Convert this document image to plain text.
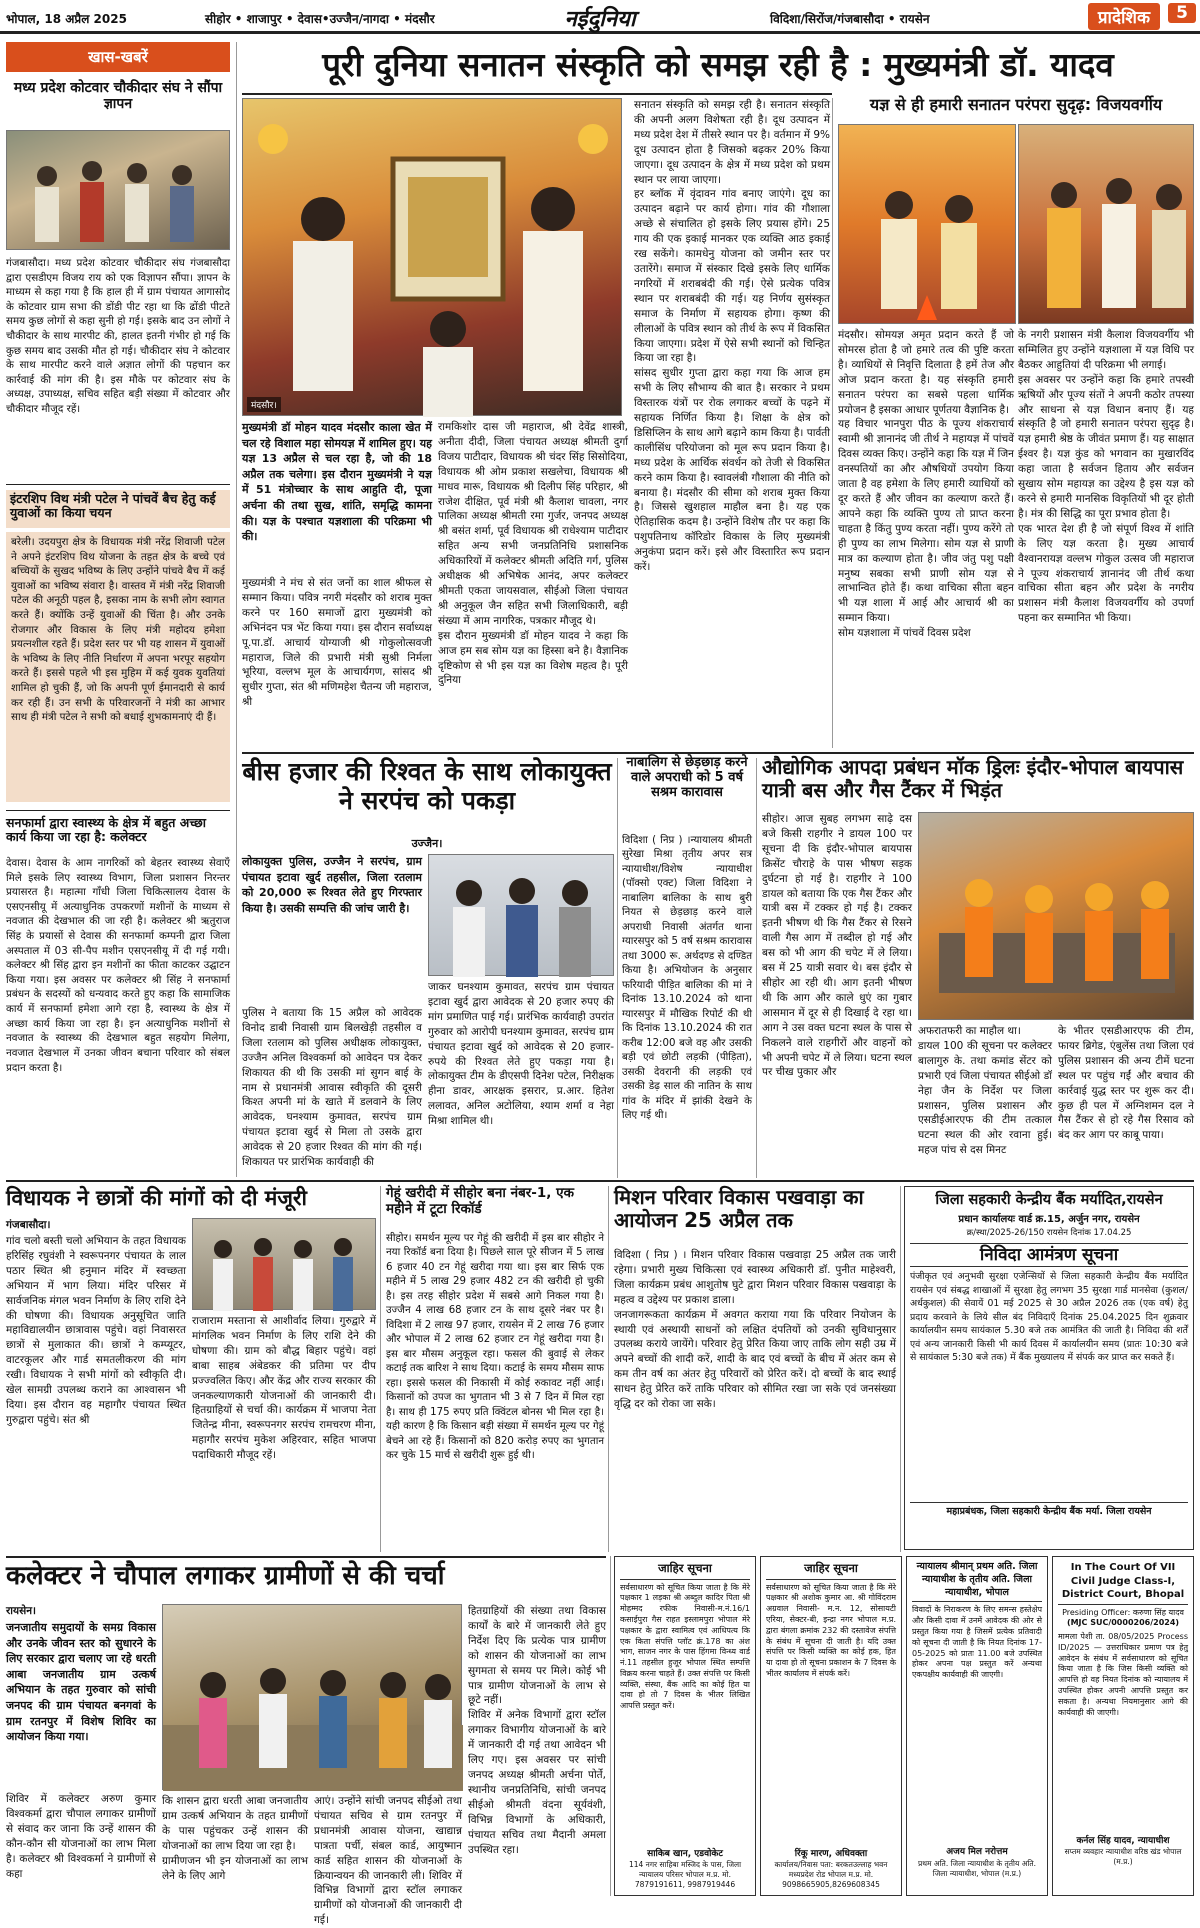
भोपाल, 18 अप्रैल 2025	सीहोर • शाजापुर • देवास•उज्जैन/नागदा • मंदसौर	नईदुनिया	विदिशा/सिरोंज/गंजबासौदा • रायसेन	प्रादेशिक	5
खास-खबरें
मध्य प्रदेश कोटवार चौकीदार संघ ने सौंपा ज्ञापन
गंजबासौदा। मध्य प्रदेश कोटवार चौकीदार संघ गंजबासौदा द्वारा एसडीएम विजय राय को एक विज्ञापन सौंपा। ज्ञापन के माध्यम से कहा गया है कि हाल ही में ग्राम पंचायत आगासोद के कोटवार ग्राम सभा की डोंडी पीट रहा था कि ढोंडी पीटते समय कुछ लोगों से कहा सुनी हो गई। इसके बाद उन लोगों ने चौकीदार के साथ मारपीट की, हालत इतनी गंभीर हो गई कि कुछ समय बाद उसकी मौत हो गई। चौकीदार संघ ने कोटवार के साथ मारपीट करने वाले अज्ञात लोगों की पहचान कर कार्रवाई की मांग की है। इस मौके पर कोटवार संघ के अध्यक्ष, उपाध्यक्ष, सचिव सहित बड़ी संख्या में कोटवार और चौकीदार मौजूद रहें।
इंटरशिप विथ मंत्री पटेल ने पांचवें बैच हेतु कई युवाओं का किया चयन
बरेली। उदयपुरा क्षेत्र के विधायक मंत्री नरेंद्र शिवाजी पटेल ने अपने इंटरशिप विथ योजना के तहत क्षेत्र के बच्चे एवं बच्चियों के सुखद भविष्य के लिए उन्होंने पांचवे बैच में कई युवाओं का भविष्य संवारा है। वास्तव में मंत्री नरेंद्र शिवाजी पटेल की अनूठी पहल है, इसका नाम के सभी लोग स्वागत करते हैं। क्योंकि उन्हें युवाओं की चिंता है। और उनके रोजगार और विकास के लिए मंत्री महोदय हमेशा प्रयत्नशील रहते हैं। प्रदेश स्तर पर भी यह शासन में युवाओं के भविष्य के लिए नीति निर्धारण में अपना भरपूर सहयोग करते हैं। इससे पहले भी इस मुहिम में कई युवक युवतियां शामिल हो चुकी हैं, जो कि अपनी पूर्ण ईमानदारी से कार्य कर रही हैं। उन सभी के परिवारजनों ने मंत्री का आभार साथ ही मंत्री पटेल ने सभी को बधाई शुभकामनाएं दी हैं।
सनफार्मा द्वारा स्वास्थ्य के क्षेत्र में बहुत अच्छा कार्य किया जा रहा है: कलेक्टर
देवास। देवास के आम नागरिकों को बेहतर स्वास्थ्य सेवाएँ मिले इसके लिए स्वास्थ्य विभाग, जिला प्रशासन निरन्तर प्रयासरत है। महात्मा गाँधी जिला चिकित्सालय देवास के एसएनसीयू में अत्याधुनिक उपकरणों मशीनों के माध्यम से नवजात की देखभाल की जा रही है। कलेक्टर श्री ऋतुराज सिंह के प्रयासों से देवास की सनफार्मा कम्पनी द्वारा जिला अस्पताल में 03 सी-पैप मशीन एसएनसीयू में दी गई गयी। कलेक्टर श्री सिंह द्वारा इन मशीनों का फीता काटकर उद्घाटन किया गया। इस अवसर पर कलेक्टर श्री सिंह ने सनफार्मा प्रबंधन के सदस्यों को धन्यवाद करते हुए कहा कि सामाजिक कार्य में सनफार्मा हमेशा आगे रहा है, स्वास्थ्य के क्षेत्र में अच्छा कार्य किया जा रहा है। इन अत्याधुनिक मशीनों से नवजात के स्वास्थ्य की देखभाल बहुत सहयोग मिलेगा, नवजात देखभाल में उनका जीवन बचाना परिवार को संबल प्रदान करता है।
पूरी दुनिया सनातन संस्कृति को समझ रही है : मुख्यमंत्री डॉ. यादव
मंदसौर।
मुख्यमंत्री डॉ मोहन यादव मंदसौर काला खेत में चल रहे विशाल महा सोमयज्ञ में शामिल हुए। यह यज्ञ 13 अप्रैल से चल रहा है, जो की 18 अप्रैल तक चलेगा। इस दौरान मुख्यमंत्री ने यज्ञ में 51 मंत्रोच्चार के साथ आहुति दी, पूजा अर्चना की तथा सुख, शांति, समृद्धि कामना की। यज्ञ के पश्चात यज्ञशाला की परिक्रमा भी की।
मुख्यमंत्री ने मंच से संत जनों का शाल श्रीफल से सम्मान किया। पवित्र नगरी मंदसौर को शराब मुक्त करने पर 160 समाजों द्वारा मुख्यमंत्री को अभिनंदन पत्र भेंट किया गया। इस दौरान सर्वाध्यक्ष पू.पा.डॉ. आचार्य योग्याजी श्री गोकुलोत्सवजी महाराज, जिले की प्रभारी मंत्री सुश्री निर्मला भूरिया, वल्लभ मूल के आचार्यगण, सांसद श्री सुधीर गुप्ता, संत श्री मणिमहेश चैतन्य जी महाराज, श्री
रामकिशोर दास जी महाराज, श्री देवेंद्र शास्त्री, अनीता दीदी, जिला पंचायत अध्यक्ष श्रीमती दुर्गा विजय पाटीदार, विधायक श्री चंदर सिंह सिसोदिया, विधायक श्री ओम प्रकाश सखलेचा, विधायक श्री माधव मारू, विधायक श्री दिलीप सिंह परिहार, श्री राजेश दीक्षित, पूर्व मंत्री श्री कैलाश चावला, नगर पालिका अध्यक्ष श्रीमती रमा गुर्जर, जनपद अध्यक्ष श्री बसंत शर्मा, पूर्व विधायक श्री राधेश्याम पाटीदार सहित अन्य सभी जनप्रतिनिधि प्रशासनिक अधिकारियों में कलेक्टर श्रीमती अदिति गर्ग, पुलिस अधीक्षक श्री अभिषेक आनंद, अपर कलेक्टर श्रीमती एकता जायसवाल, सीईओ जिला पंचायत श्री अनुकूल जैन सहित सभी जिलाधिकारी, बड़ी संख्या में आम नागरिक, पत्रकार मौजूद थे।
इस दौरान मुख्यमंत्री डॉ मोहन यादव ने कहा कि आज हम सब सोम यज्ञ का हिस्सा बने है। वैज्ञानिक दृष्टिकोण से भी इस यज्ञ का विशेष महत्व है। पूरी दुनिया
सनातन संस्कृति को समझ रही है। सनातन संस्कृति की अपनी अलग विशेषता रही है। दूध उत्पादन में मध्य प्रदेश देश में तीसरे स्थान पर है। वर्तमान में 9% दूध उत्पादन होता है जिसको बढ़कर 20% किया जाएगा। दूध उत्पादन के क्षेत्र में मध्य प्रदेश को प्रथम स्थान पर लाया जाएगा।
हर ब्लॉक में वृंदावन गांव बनाए जाएंगे। दूध का उत्पादन बढ़ाने पर कार्य होगा। गांव की गौशाला अच्छे से संचालित हो इसके लिए प्रयास होंगे। 25 गाय की एक इकाई मानकर एक व्यक्ति आठ इकाई रख सकेंगे। कामधेनु योजना को जमीन स्तर पर उतारेंगे। समाज में संस्कार दिखे इसके लिए धार्मिक नगरियों में शराबबंदी की गई। ऐसे प्रत्येक पवित्र स्थान पर शराबबंदी की गई। यह निर्णय सुसंस्कृत समाज के निर्माण में सहायक होगा। कृष्ण की लीलाओं के पवित्र स्थान को तीर्थ के रूप में विकसित किया जाएगा। प्रदेश में ऐसे सभी स्थानों को चिन्हित किया जा रहा है।
सांसद सुधीर गुप्ता द्वारा कहा गया कि आज हम सभी के लिए सौभाग्य की बात है। सरकार ने प्रथम विस्तारक यंत्रों पर रोक लगाकर बच्चों के पढ़ने में सहायक निर्णित किया है। शिक्षा के क्षेत्र को डिसिप्लिन के साथ आगे बढ़ाने काम किया है। पार्वती कालीसिंध परियोजना को मूल रूप प्रदान किया है। मध्य प्रदेश के आर्थिक संवर्धन को तेजी से विकसित करने काम किया है। स्वावलंबी गौशाला की नीति को बनाया है। मंदसौर की सीमा को शराब मुक्त किया है। जिससे खुशहाल माहौल बना है। यह एक ऐतिहासिक कदम है। उन्होंने विशेष तौर पर कहा कि पशुपतिनाथ कॉरिडोर विकास के लिए मुख्यमंत्री अनुकंपा प्रदान करें। इसे और विस्तारित रूप प्रदान करें।
यज्ञ से ही हमारी सनातन परंपरा सुदृढ़: विजयवर्गीय
मंदसौर। सोमयज्ञ अमृत प्रदान करते हैं जो सोमरस होता है जो हमारे तत्व की पुष्टि करता है। व्याधियों से निवृत्ति दिलाता है हमें तेज और ओज प्रदान करता है। यह संस्कृति हमारी सनातन परंपरा का सबसे पहला धार्मिक प्रयोजन है इसका आधार पूर्णतया वैज्ञानिक है।
यह विचार भानपुरा पीठ के पूज्य शंकराचार्य स्वामी श्री ज्ञानानंद जी तीर्थ ने महायज्ञ में पांचवें दिवस व्यक्त किए। उन्होंने कहा कि यज्ञ में जिन वनस्पतियों का और औषधियों उपयोग किया जाता है वह हमेशा के लिए हमारी व्याधियों को दूर करते हैं और जीवन का कल्याण करते हैं। आपने कहा कि व्यक्ति पुण्य तो प्राप्त करना चाहता है किंतु पुण्य करता नहीं। पुण्य करेंगे तो ही पुण्य का लाभ मिलेगा। सोम यज्ञ से प्राणी मात्र का कल्याण होता है। जीव जंतु पशु पक्षी मनुष्य सबका सभी प्राणी सोम यज्ञ से लाभान्वित होते हैं। कथा वाचिका सीता बहन भी यज्ञ शाला में आई और आचार्य श्री का सम्मान किया।
सोम यज्ञशाला में पांचवें दिवस प्रदेश
के नगरी प्रशासन मंत्री कैलाश विजयवर्गीय भी सम्मिलित हुए उन्होंने यज्ञशाला में यज्ञ विधि पर बैठकर आहुतियां दी परिक्रमा भी लगाई।
इस अवसर पर उन्होंने कहा कि हमारे तपस्वी ऋषियों और पूज्य संतों ने अपनी कठोर तपस्या और साधना से यज्ञ विधान बनाए हैं। यह संस्कृति है जो हमारी सनातन परंपरा सुदृढ़ है। यज्ञ हमारी श्रेष्ठ के जीवंत प्रमाण हैं। यह साक्षात ईश्वर है। यज्ञ कुंड को भगवान का मुखारविंद कहा जाता है सर्वजन हिताय और सर्वजन सुखाय सोम महायज्ञ का उद्देश्य है इस यज्ञ को करने से हमारी मानसिक विकृतियों भी दूर होती है। मंत्र की सिद्धि का पूरा प्रभाव होता है।
एक भारत देश ही है जो संपूर्ण विश्व में शांति के लिए यज्ञ करता है। मुख्य आचार्य वैश्वानरायज्ञ वल्लभ गोकुल उत्सव जी महाराज ने पूज्य शंकराचार्य ज्ञानानंद जी तीर्थ कथा वाचिका सीता बहन और प्रदेश के नगरीय प्रशासन मंत्री कैलाश विजयवर्गीय को उपर्णा पहना कर सम्मानित भी किया।
बीस हजार की रिश्वत के साथ लोकायुक्त ने सरपंच को पकड़ा
उज्जैन।
लोकायुक्त पुलिस, उज्जैन ने सरपंच, ग्राम पंचायत इटावा खुर्द तहसील, जिला रतलाम को 20,000 रू रिश्वत लेते हुए गिरफ्तार किया है। उसकी सम्पत्ति की जांच जारी है।
पुलिस ने बताया कि 15 अप्रैल को आवेदक विनोद डाबी निवासी ग्राम बिलखेड़ी तहसील व जिला रतलाम को पुलिस अधीक्षक लोकायुक्त, उज्जैन अनिल विश्वकर्मा को आवेदन पत्र देकर शिकायत की थी कि उसकी मां सुगन बाई के नाम से प्रधानमंत्री आवास स्वीकृति की दूसरी किश्त अपनी मां के खाते में डलवाने के लिए आवेदक, घनश्याम कुमावत, सरपंच ग्राम पंचायत इटावा खुर्द से मिला तो उसके द्वारा आवेदक से 20 हजार रिश्वत की मांग की गई। शिकायत पर प्रारंभिक कार्यवाही की
जाकर घनश्याम कुमावत, सरपंच ग्राम पंचायत इटावा खुर्द द्वारा आवेदक से 20 हजार रुपए की मांग प्रमाणित पाई गई। प्रारंभिक कार्यवाही उपरांत गुरुवार को आरोपी घनश्याम कुमावत, सरपंच ग्राम पंचायत इटावा खुर्द को आवेदक से 20 हजार- रुपये की रिश्वत लेते हुए पकड़ा गया है। लोकायुक्त टीम के डीएसपी दिनेश पटेल, निरीक्षक हीना डावर, आरक्षक इसरार, प्र.आर. हितेश ललावत, अनिल अटोलिया, श्याम शर्मा व नेहा मिश्रा शामिल थी।
नाबालिग से छेड़छाड़ करने वाले अपराधी को 5 वर्ष सश्रम कारावास
विदिशा ( निप्र ) ।न्यायालय श्रीमती सुरेखा मिश्रा तृतीय अपर सत्र न्यायाधीश/विशेष न्यायाधीश (पॉक्सो एक्ट) जिला विदिशा ने नाबालिग बालिका के साथ बुरी नियत से छेड़छाड़ करने वाले अपराधी निवासी अंतर्गत थाना ग्यारसपुर को 5 वर्ष सश्रम कारावास तथा 3000 रू. अर्थदण्ड से दण्डित किया है। अभियोजन के अनुसार फरियादी पीड़ित बालिका की मां ने दिनांक 13.10.2024 को थाना ग्यारसपुर में मौखिक रिपोर्ट की थी कि दिनांक 13.10.2024 की रात करीब 12:00 बजे वह और उसकी बड़ी एवं छोटी लड़की (पीड़िता), उसकी देवरानी की लड़की एवं उसकी डेढ़ साल की नातिन के साथ गांव के मंदिर में झांकी देखने के लिए गई थी।
औद्योगिक आपदा प्रबंधन मॉक ड्रिलः इंदौर-भोपाल बायपास यात्री बस और गैस टैंकर में भिड़ंत
सीहोर। आज सुबह लगभग साढ़े दस बजे किसी राहगीर ने डायल 100 पर सूचना दी कि इंदौर-भोपाल बायपास क्रिसेंट चौराहे के पास भीषण सड़क दुर्घटना हो गई है। राहगीर ने 100 डायल को बताया कि एक गैस टैंकर और यात्री बस में टक्कर हो गई है। टक्कर इतनी भीषण थी कि गैस टैंकर से रिसने वाली गैस आग में तब्दील हो गई और बस को भी आग की चपेट में ले लिया। बस में 25 यात्री सवार थे। बस इंदौर से सीहोर आ रही थी। आग इतनी भीषण थी कि आग और काले धुएं का गुबार आसमान में दूर से ही दिखाई दे रहा था। आग ने उस वक्त घटना स्थल के पास से निकलने वाले राहगीरों और वाहनों को भी अपनी चपेट में ले लिया। घटना स्थल पर चीख पुकार और
अफरातफरी का माहौल था।
डायल 100 की सूचना पर कलेक्टर बालागुरु के. तथा कमांड सेंटर को प्रभारी एवं जिला पंचायत सीईओ डॉ नेहा जैन के निर्देश पर जिला प्रशासन, पुलिस प्रशासन और एसडीईआरएफ की टीम तत्काल घटना स्थल की ओर रवाना हुई। महज पांच से दस मिनट
के भीतर एसडीआरएफ की टीम, फायर ब्रिगेड, एंबुलेंस तथा जिला एवं पुलिस प्रशासन की अन्य टीमें घटना स्थल पर पहुंच गईं और बचाव की कार्रवाई युद्ध स्तर पर शुरू कर दी। कुछ ही पल में अग्निशमन दल ने गैस टैंकर से हो रहे गैस रिसाव को बंद कर आग पर काबू पाया।
विधायक ने छात्रों की मांगों को दी मंजूरी
गंजबासौदा।
गांव चलो बस्ती चलो अभियान के तहत विधायक हरिसिंह रघुवंशी ने स्वरूपनगर पंचायत के लाल पठार स्थित श्री हनुमान मंदिर में स्वच्छता अभियान में भाग लिया। मंदिर परिसर में सार्वजनिक मंगल भवन निर्माण के लिए राशि देने की घोषणा की। विधायक अनुसूचित जाति महाविद्यालयीन छात्रावास पहुंचे। वहां निवासरत छात्रों से मुलाकात की। छात्रों ने कम्प्यूटर, वाटरकूलर और गार्ड समतलीकरण की मांग रखी। विधायक ने सभी मांगों को स्वीकृति दी। खेल सामग्री उपलब्ध कराने का आश्वासन भी दिया। इस दौरान वह महागौर पंचायत स्थित गुरुद्वारा पहुंचे। संत श्री
राजाराम मस्ताना से आशीर्वाद लिया। गुरुद्वारे में मांगलिक भवन निर्माण के लिए राशि देने की घोषणा की। ग्राम को बौद्ध बिहार पहुंचे। वहां बाबा साहब अंबेडकर की प्रतिमा पर दीप प्रज्ज्वलित किए। और केंद्र और राज्य सरकार की जनकल्याणकारी योजनाओं की जानकारी दी। हितग्राहियों से चर्चा की। कार्यक्रम में भाजपा नेता जितेन्द्र मीना, स्वरूपनगर सरपंच रामचरण मीना, महागौर सरपंच मुकेश अहिरवार, सहित भाजपा पदाधिकारी मौजूद रहें।
गेहूं खरीदी में सीहोर बना नंबर-1, एक महीने में टूटा रिकॉर्ड
सीहोर। समर्थन मूल्य पर गेहूं की खरीदी में इस बार सीहोर ने नया रिकॉर्ड बना दिया है। पिछले साल पूरे सीजन में 5 लाख 6 हजार 40 टन गेहूं खरीदा गया था। इस बार सिर्फ एक महीने में 5 लाख 29 हजार 482 टन की खरीदी हो चुकी है। इस तरह सीहोर प्रदेश में सबसे आगे निकल गया है। उज्जैन 4 लाख 68 हजार टन के साथ दूसरे नंबर पर है। विदिशा में 2 लाख 97 हजार, रायसेन में 2 लाख 76 हजार और भोपाल में 2 लाख 62 हजार टन गेहूं खरीदा गया है। इस बार मौसम अनुकूल रहा। फसल की बुवाई से लेकर कटाई तक बारिश ने साथ दिया। कटाई के समय मौसम साफ रहा। इससे फसल की निकासी में कोई रुकावट नहीं आई। किसानों को उपज का भुगतान भी 3 से 7 दिन में मिल रहा है। साथ ही 175 रुपए प्रति क्विंटल बोनस भी मिल रहा है। यही कारण है कि किसान बड़ी संख्या में समर्थन मूल्य पर गेहूं बेचने आ रहे हैं। किसानों को 820 करोड़ रुपए का भुगतान कर चुके 15 मार्च से खरीदी शुरू हुई थी।
मिशन परिवार विकास पखवाड़ा का आयोजन 25 अप्रैल तक
विदिशा ( निप्र ) । मिशन परिवार विकास पखवाड़ा 25 अप्रैल तक जारी रहेगा। प्रभारी मुख्य चिकित्सा एवं स्वास्थ्य अधिकारी डॉ. पुनीत माहेश्वरी, जिला कार्यक्रम प्रबंध आशुतोष घुटे द्वारा मिशन परिवार विकास पखवाड़ा के महत्व व उद्देश्य पर प्रकाश डाला।
जनजागरूकता कार्यक्रम में अवगत कराया गया कि परिवार नियोजन के स्थायी एवं अस्थायी साधनों को लक्षित दंपतियों को उनकी सुविधानुसार उपलब्ध कराये जायेंगे। परिवार हेतु प्रेरित किया जाए ताकि लोग सही उम्र में अपने बच्चों की शादी करें, शादी के बाद एवं बच्चों के बीच में अंतर कम से कम तीन वर्ष का अंतर हेतु परिवारों को प्रेरित करें। दो बच्चों के बाद स्थाई साधन हेतु प्रेरित करें ताकि परिवार को सीमित रखा जा सके एवं जनसंख्या वृद्धि दर को रोका जा सके।
जिला सहकारी केन्द्रीय बैंक मर्यादित,रायसेन
प्रधान कार्यालयः वार्ड क्र.15, अर्जुन नगर, रायसेन
क्र/स्था/2025-26/150 रायसेन दिनांक 17.04.25
निविदा आमंत्रण सूचना
पंजीकृत एवं अनुभवी सुरक्षा एजेन्सियों से जिला सहकारी केन्द्रीय बैंक मर्यादित रायसेन एवं संबद्ध शाखाओं में सुरक्षा हेतु लगभग 35 सुरक्षा गार्ड मानसेवा (कुशल/अर्धकुशल) की सेवायें 01 मई 2025 से 30 अप्रैल 2026 तक (एक वर्ष) हेतु प्रदाय करवाने के लिये सील बंद निविदाएँ दिनांक 25.04.2025 दिन शुक्रवार कार्यालयीन समय सायंकाल 5.30 बजे तक आमंत्रित की जाती है। निविदा की शर्तें एवं अन्य जानकारी किसी भी कार्य दिवस में कार्यालयीन समय (प्रातः 10:30 बजे से सायंकाल 5:30 बजे तक) में बैंक मुख्यालय में संपर्क कर प्राप्त कर सकते हैं।
महाप्रबंधक, जिला सहकारी केन्द्रीय बैंक मर्या. जिला रायसेन
कलेक्टर ने चौपाल लगाकर ग्रामीणों से की चर्चा
रायसेन।
जनजातीय समुदायों के समग्र विकास और उनके जीवन स्तर को सुधारने के लिए सरकार द्वारा चलाए जा रहे धरती आबा जनजातीय ग्राम उत्कर्ष अभियान के तहत गुरुवार को सांची जनपद की ग्राम पंचायत बनगवां के ग्राम रतनपुर में विशेष शिविर का आयोजन किया गया।
शिविर में कलेक्टर अरुण कुमार विश्वकर्मा द्वारा चौपाल लगाकर ग्रामीणों से संवाद कर जाना कि उन्हें शासन की कौन-कौन सी योजनाओं का लाभ मिला है। कलेक्टर श्री विश्वकर्मा ने ग्रामीणों से कहा
कि शासन द्वारा धरती आबा जनजातीय ग्राम उत्कर्ष अभियान के तहत ग्रामीणों के पास पहुंचकर उन्हें शासन की योजनाओं का लाभ दिया जा रहा है।
ग्रामीणजन भी इन योजनाओं का लाभ लेने के लिए आगे
आएं। उन्होंने सांची जनपद सीईओ तथा पंचायत सचिव से ग्राम रतनपुर में प्रधानमंत्री आवास योजना, खाद्यान्न पात्रता पर्ची, संबल कार्ड, आयुष्मान कार्ड सहित शासन की योजनाओं के क्रियान्वयन की जानकारी ली। शिविर में विभिन्न विभागों द्वारा स्टॉल लगाकर ग्रामीणों को योजनाओं की जानकारी दी गई।
हितग्राहियों की संख्या तथा विकास कार्यों के बारे में जानकारी लेते हुए निर्देश दिए कि प्रत्येक पात्र ग्रामीण को शासन की योजनाओं का लाभ सुगमता से समय पर मिले। कोई भी पात्र ग्रामीण योजनाओं के लाभ से छूटे नहीं।
शिविर में अनेक विभागों द्वारा स्टॉल लगाकर विभागीय योजनाओं के बारे में जानकारी दी गई तथा आवेदन भी लिए गए। इस अवसर पर सांची जनपद अध्यक्ष श्रीमती अर्चना पोर्ते, स्थानीय जनप्रतिनिधि, सांची जनपद सीईओ श्रीमती वंदना सूर्यवंशी, विभिन्न विभागों के अधिकारी, पंचायत सचिव तथा मैदानी अमला उपस्थित रहा।
जाहिर सूचना
सर्वसाधारण को सूचित किया जाता है कि मेरे पक्षकार 1 लड़का श्री अब्दुल कादिर पिता श्री मोहम्मद रफीक निवासी-म.नं.16/1 कसाईपुरा गैस राहत इस्लामपुरा भोपाल मेरे पक्षकार के द्वारा स्वामित्व एवं आधिपत्य कि एक किता संपत्ति प्लॉट क्रं.178 का अंश भाग, साजन नगर के पास हिंगमा विन्ध्य वार्ड नं.11 तहसील हुजूर भोपाल स्थित सम्पत्ति विक्रय करना चाहते हैं। उक्त संपत्ति पर किसी व्यक्ति, संस्था, बैंक आदि का कोई हित या दावा हो तो 7 दिवस के भीतर लिखित आपत्ति प्रस्तुत करें।
साकिब खान, एडवोकेट
114 नगर साहिबा मस्जिद के पास, जिला न्यायालय परिसर भोपाल म.प्र. मो. 7879191611, 9987919446
जाहिर सूचना
सर्वसाधारण को सूचित किया जाता है कि मेरे पक्षकार श्री अशोक कुमार आ. श्री गोविंदराम अग्रवाल निवासी- म.न. 12, सोसायटी एरिया, सेक्टर-बी, इन्द्रा नगर भोपाल म.प्र. द्वारा बंगला क्रमांक 232 की दस्तावेज संपत्ति के संबंध में सूचना दी जाती है। यदि उक्त संपत्ति पर किसी व्यक्ति का कोई हक, हित या दावा हो तो सूचना प्रकाशन के 7 दिवस के भीतर कार्यालय में संपर्क करें।
रिंकू मारण, अधिवक्ता
कार्यालय/निवास पता: बरकतउल्लाह भवन मध्यप्रदेश रोड भोपाल म.प्र. मो. 9098665905,8269608345
न्यायालय श्रीमान् प्रथम अति. जिला न्यायाधीश के तृतीय अति. जिला न्यायाधीश, भोपाल
विवादों के निराकरण के लिए समन्स हस्तेक्षेप और किसी दावा में उनमें आवेदक की ओर से प्रस्तुत किया गया है जिसमें प्रत्येक प्रतिवादी को सूचना दी जाती है कि नियत दिनांक 17-05-2025 को प्रातः 11.00 बजे उपस्थित होकर अपना पक्ष प्रस्तुत करें अन्यथा एकपक्षीय कार्यवाही की जाएगी।
अजय मिल नरोत्तम
प्रथम अति. जिला न्यायाधीश के तृतीय अति. जिला न्यायाधीश, भोपाल (म.प्र.)
In The Court Of VII Civil Judge Class-I, District Court, Bhopal
Presiding Officer: करुणा सिंह यादव
(MJC SUC/0000206/2024)
मामला पेशी ता. 08/05/2025 Process ID/2025 — उत्तराधिकार प्रमाण पत्र हेतु आवेदन के संबंध में सर्वसाधारण को सूचित किया जाता है कि जिस किसी व्यक्ति को आपत्ति हो वह नियत दिनांक को न्यायालय में उपस्थित होकर अपनी आपत्ति प्रस्तुत कर सकता है। अन्यथा नियमानुसार आगे की कार्यवाही की जाएगी।
कर्नल सिंह यादव, न्यायाधीश
सप्तम व्यवहार न्यायाधीश वरिष्ठ खंड भोपाल (म.प्र.)
